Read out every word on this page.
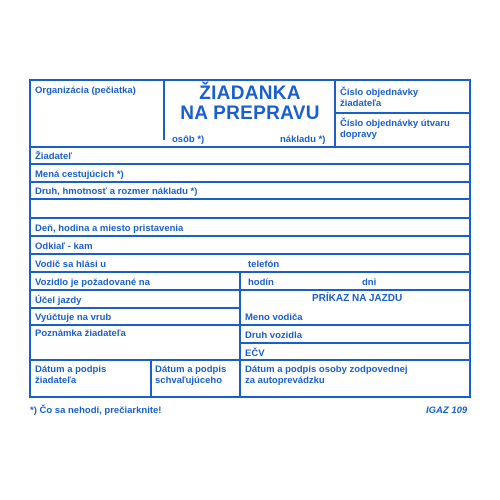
Organizácia (pečiatka)	ŽIADANKA
NA PREPRAVU
osôb *)	nákladu *)
Číslo objednávky žiadateľa
Číslo objednávky útvaru dopravy
Žiadateľ
Mená cestujúcich *)
Druh, hmotnosť a rozmer nákladu *)
Deň, hodina a miesto pristavenia
Odkiaľ - kam
Vodič sa hlási u	telefón
Vozidlo je požadované na	hodín	dni
Účel jazdy
Vyúčtuje na vrub
Poznámka žiadateľa
PRÍKAZ NA JAZDU
Meno vodiča
Druh vozidla
EČV
Dátum a podpis žiadateľa
Dátum a podpis schvaľujúceho
Dátum a podpis osoby zodpovednej za autoprevádzku
*) Čo sa nehodí, prečiarknite!	IGAZ 109
